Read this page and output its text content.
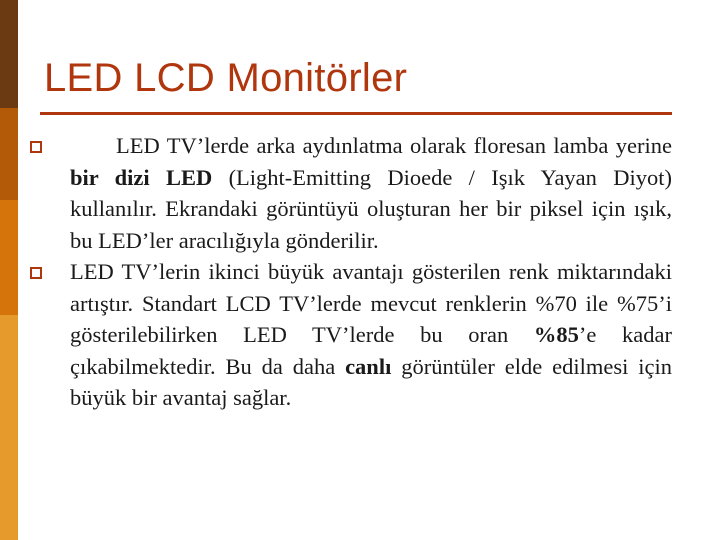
LED LCD Monitörler
LED TV’lerde arka aydınlatma olarak floresan lamba yerine bir dizi LED (Light-Emitting Dioede / Işık Yayan Diyot) kullanılır. Ekrandaki görüntüyü oluşturan her bir piksel için ışık, bu LED’ler aracılığıyla gönderilir.
LED TV’lerin ikinci büyük avantajı gösterilen renk miktarındaki artıştır. Standart LCD TV’lerde mevcut renklerin %70 ile %75’i gösterilebilirken LED TV’lerde bu oran %85’e kadar çıkabilmektedir. Bu da daha canlı görüntüler elde edilmesi için büyük bir avantaj sağlar.
